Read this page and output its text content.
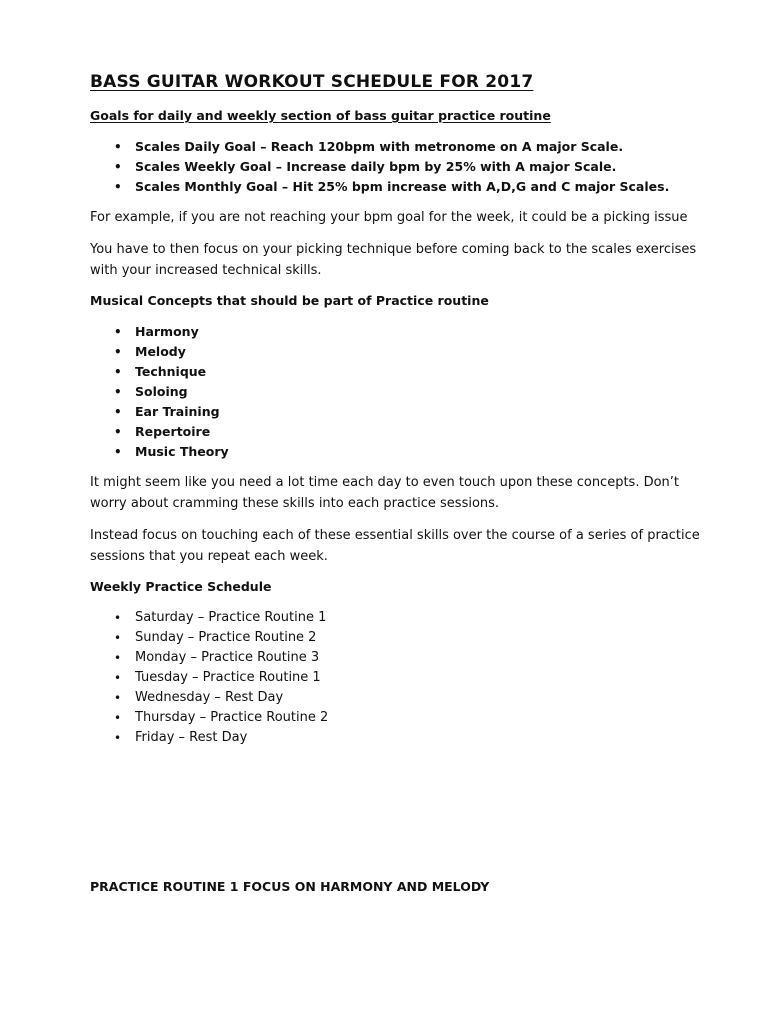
BASS GUITAR WORKOUT SCHEDULE FOR 2017
Goals for daily and weekly section of bass guitar practice routine
• Scales Daily Goal – Reach 120bpm with metronome on A major Scale.
• Scales Weekly Goal – Increase daily bpm by 25% with A major Scale.
• Scales Monthly Goal – Hit 25% bpm increase with A,D,G and C major Scales.

For example, if you are not reaching your bpm goal for the week, it could be a picking issue

You have to then focus on your picking technique before coming back to the scales exercises with your increased technical skills.

Musical Concepts that should be part of Practice routine
• Harmony
• Melody
• Technique
• Soloing
• Ear Training
• Repertoire
• Music Theory

It might seem like you need a lot time each day to even touch upon these concepts. Don’t worry about cramming these skills into each practice sessions.

Instead focus on touching each of these essential skills over the course of a series of practice sessions that you repeat each week.

Weekly Practice Schedule
• Saturday – Practice Routine 1
• Sunday – Practice Routine 2
• Monday – Practice Routine 3
• Tuesday – Practice Routine 1
• Wednesday – Rest Day
• Thursday – Practice Routine 2
• Friday – Rest Day
PRACTICE ROUTINE 1 FOCUS ON HARMONY AND MELODY
